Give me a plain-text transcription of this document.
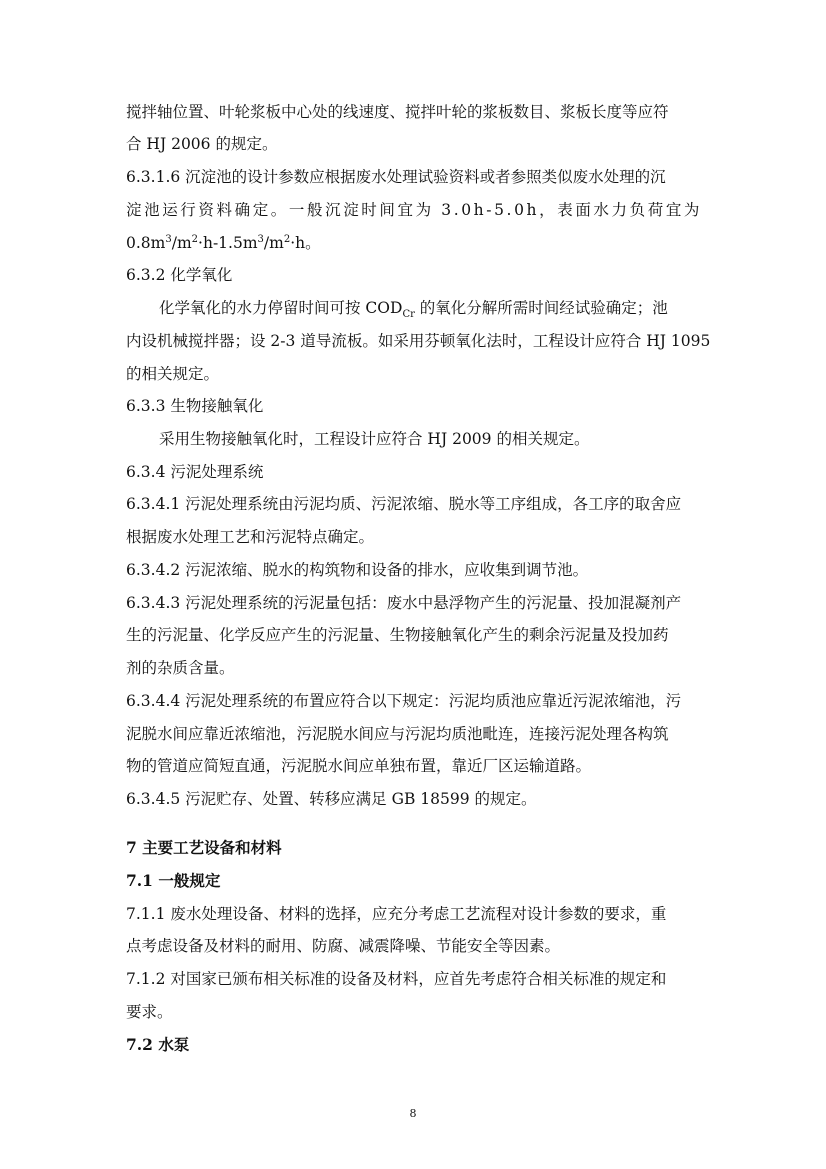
搅拌轴位置、叶轮浆板中心处的线速度、搅拌叶轮的浆板数目、浆板长度等应符
合 HJ 2006 的规定。
6.3.1.6 沉淀池的设计参数应根据废水处理试验资料或者参照类似废水处理的沉
淀池运行资料确定。一般沉淀时间宜为 3.0h-5.0h，表面水力负荷宜为
$0.8m^3/m^2\cdot h-1.5m^3/m^2\cdot h$。
6.3.2 化学氧化
化学氧化的水力停留时间可按 $COD_{Cr}$ 的氧化分解所需时间经试验确定；池
内设机械搅拌器；设 2-3 道导流板。如采用芬顿氧化法时，工程设计应符合 HJ 1095
的相关规定。
6.3.3 生物接触氧化
采用生物接触氧化时，工程设计应符合 HJ 2009 的相关规定。
6.3.4 污泥处理系统
6.3.4.1 污泥处理系统由污泥均质、污泥浓缩、脱水等工序组成，各工序的取舍应
根据废水处理工艺和污泥特点确定。
6.3.4.2 污泥浓缩、脱水的构筑物和设备的排水，应收集到调节池。
6.3.4.3 污泥处理系统的污泥量包括：废水中悬浮物产生的污泥量、投加混凝剂产
生的污泥量、化学反应产生的污泥量、生物接触氧化产生的剩余污泥量及投加药
剂的杂质含量。
6.3.4.4 污泥处理系统的布置应符合以下规定：污泥均质池应靠近污泥浓缩池，污
泥脱水间应靠近浓缩池，污泥脱水间应与污泥均质池毗连，连接污泥处理各构筑
物的管道应简短直通，污泥脱水间应单独布置，靠近厂区运输道路。
6.3.4.5 污泥贮存、处置、转移应满足 GB 18599 的规定。
7 主要工艺设备和材料
7.1 一般规定
7.1.1 废水处理设备、材料的选择，应充分考虑工艺流程对设计参数的要求，重
点考虑设备及材料的耐用、防腐、减震降噪、节能安全等因素。
7.1.2 对国家已颁布相关标准的设备及材料，应首先考虑符合相关标准的规定和
要求。
7.2 水泵
8
